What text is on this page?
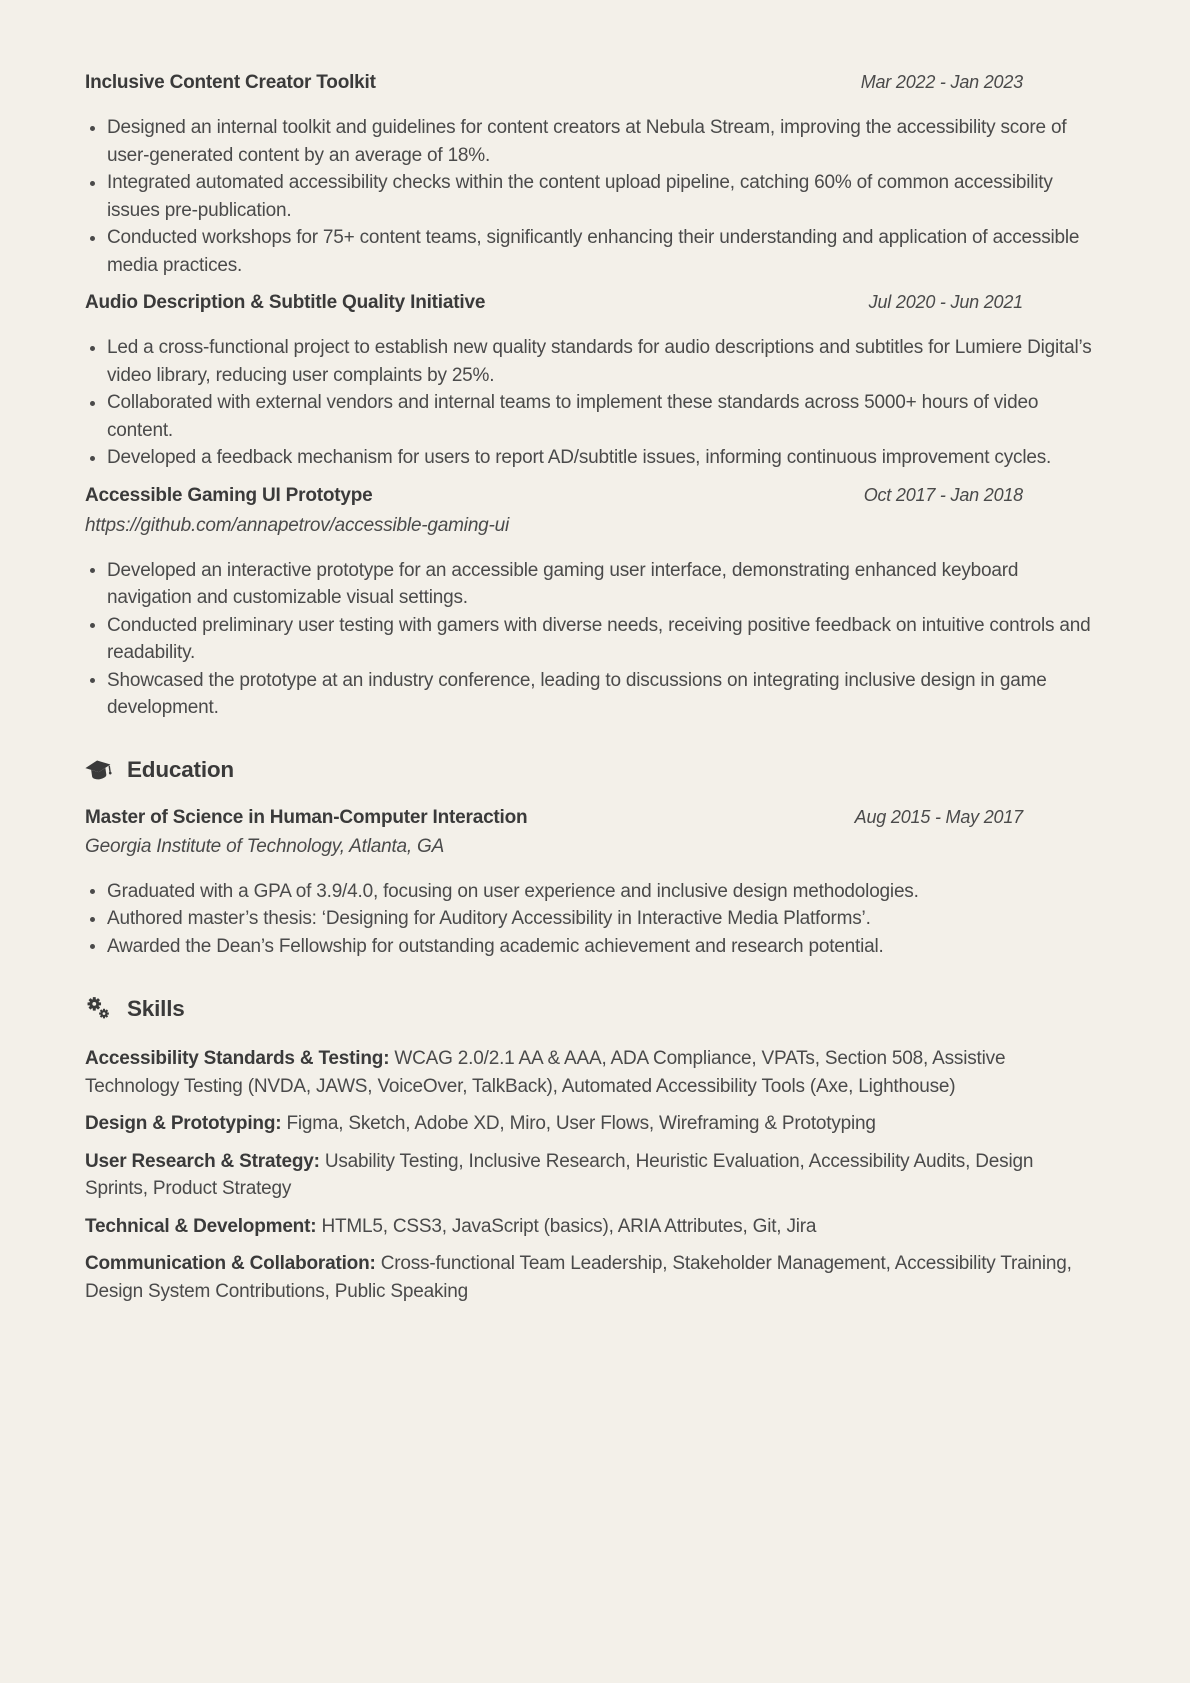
Inclusive Content Creator Toolkit	Mar 2022 - Jan 2023
Designed an internal toolkit and guidelines for content creators at Nebula Stream, improving the accessibility score of user-generated content by an average of 18%.
Integrated automated accessibility checks within the content upload pipeline, catching 60% of common accessibility issues pre-publication.
Conducted workshops for 75+ content teams, significantly enhancing their understanding and application of accessible media practices.
Audio Description & Subtitle Quality Initiative	Jul 2020 - Jun 2021
Led a cross-functional project to establish new quality standards for audio descriptions and subtitles for Lumiere Digital’s video library, reducing user complaints by 25%.
Collaborated with external vendors and internal teams to implement these standards across 5000+ hours of video content.
Developed a feedback mechanism for users to report AD/subtitle issues, informing continuous improvement cycles.
Accessible Gaming UI Prototype	Oct 2017 - Jan 2018
https://github.com/annapetrov/accessible-gaming-ui
Developed an interactive prototype for an accessible gaming user interface, demonstrating enhanced keyboard navigation and customizable visual settings.
Conducted preliminary user testing with gamers with diverse needs, receiving positive feedback on intuitive controls and readability.
Showcased the prototype at an industry conference, leading to discussions on integrating inclusive design in game development.
Education
Master of Science in Human-Computer Interaction	Aug 2015 - May 2017
Georgia Institute of Technology, Atlanta, GA
Graduated with a GPA of 3.9/4.0, focusing on user experience and inclusive design methodologies.
Authored master’s thesis: ‘Designing for Auditory Accessibility in Interactive Media Platforms’.
Awarded the Dean’s Fellowship for outstanding academic achievement and research potential.
Skills

Accessibility Standards & Testing: WCAG 2.0/2.1 AA & AAA, ADA Compliance, VPATs, Section 508, Assistive Technology Testing (NVDA, JAWS, VoiceOver, TalkBack), Automated Accessibility Tools (Axe, Lighthouse)

Design & Prototyping: Figma, Sketch, Adobe XD, Miro, User Flows, Wireframing & Prototyping

User Research & Strategy: Usability Testing, Inclusive Research, Heuristic Evaluation, Accessibility Audits, Design Sprints, Product Strategy

Technical & Development: HTML5, CSS3, JavaScript (basics), ARIA Attributes, Git, Jira

Communication & Collaboration: Cross-functional Team Leadership, Stakeholder Management, Accessibility Training, Design System Contributions, Public Speaking
